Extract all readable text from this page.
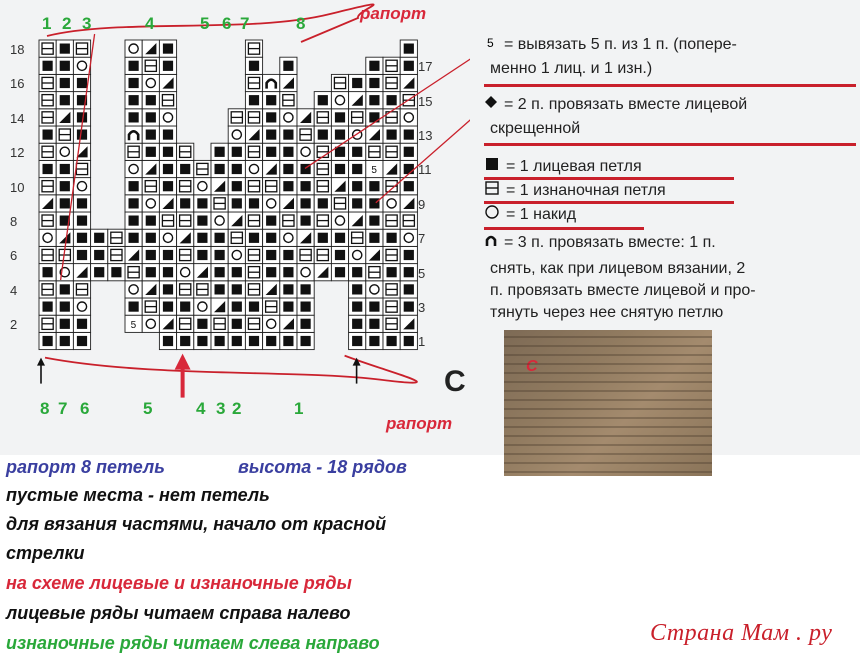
5
5
рапорт
рапорт
C
1 2 3	4	5 6 7	8
8 7 6	5	4 3 2	1
18
16
14
12
10
8
6
4
2
17
15
13
11
9
7
5
3
1
5 = вывязать 5 п. из 1 п. (попере-
менно 1 лиц. и 1 изн.)
= 2 п. провязать вместе лицевой
скрещенной
= 1 лицевая петля
= 1 изнаночная петля
= 1 накид
= 3 п. провязать вместе: 1 п.
снять, как при лицевом вязании, 2
п. провязать вместе лицевой и про-
тянуть через нее снятую петлю
С
рапорт 8 петель	высота - 18 рядов
пустые места - нет петель
для вязания частями, начало от красной
стрелки
на схеме лицевые и изнаночные ряды
лицевые ряды читаем справа налево
изнаночные ряды читаем слева направо	Страна Мам . ру
